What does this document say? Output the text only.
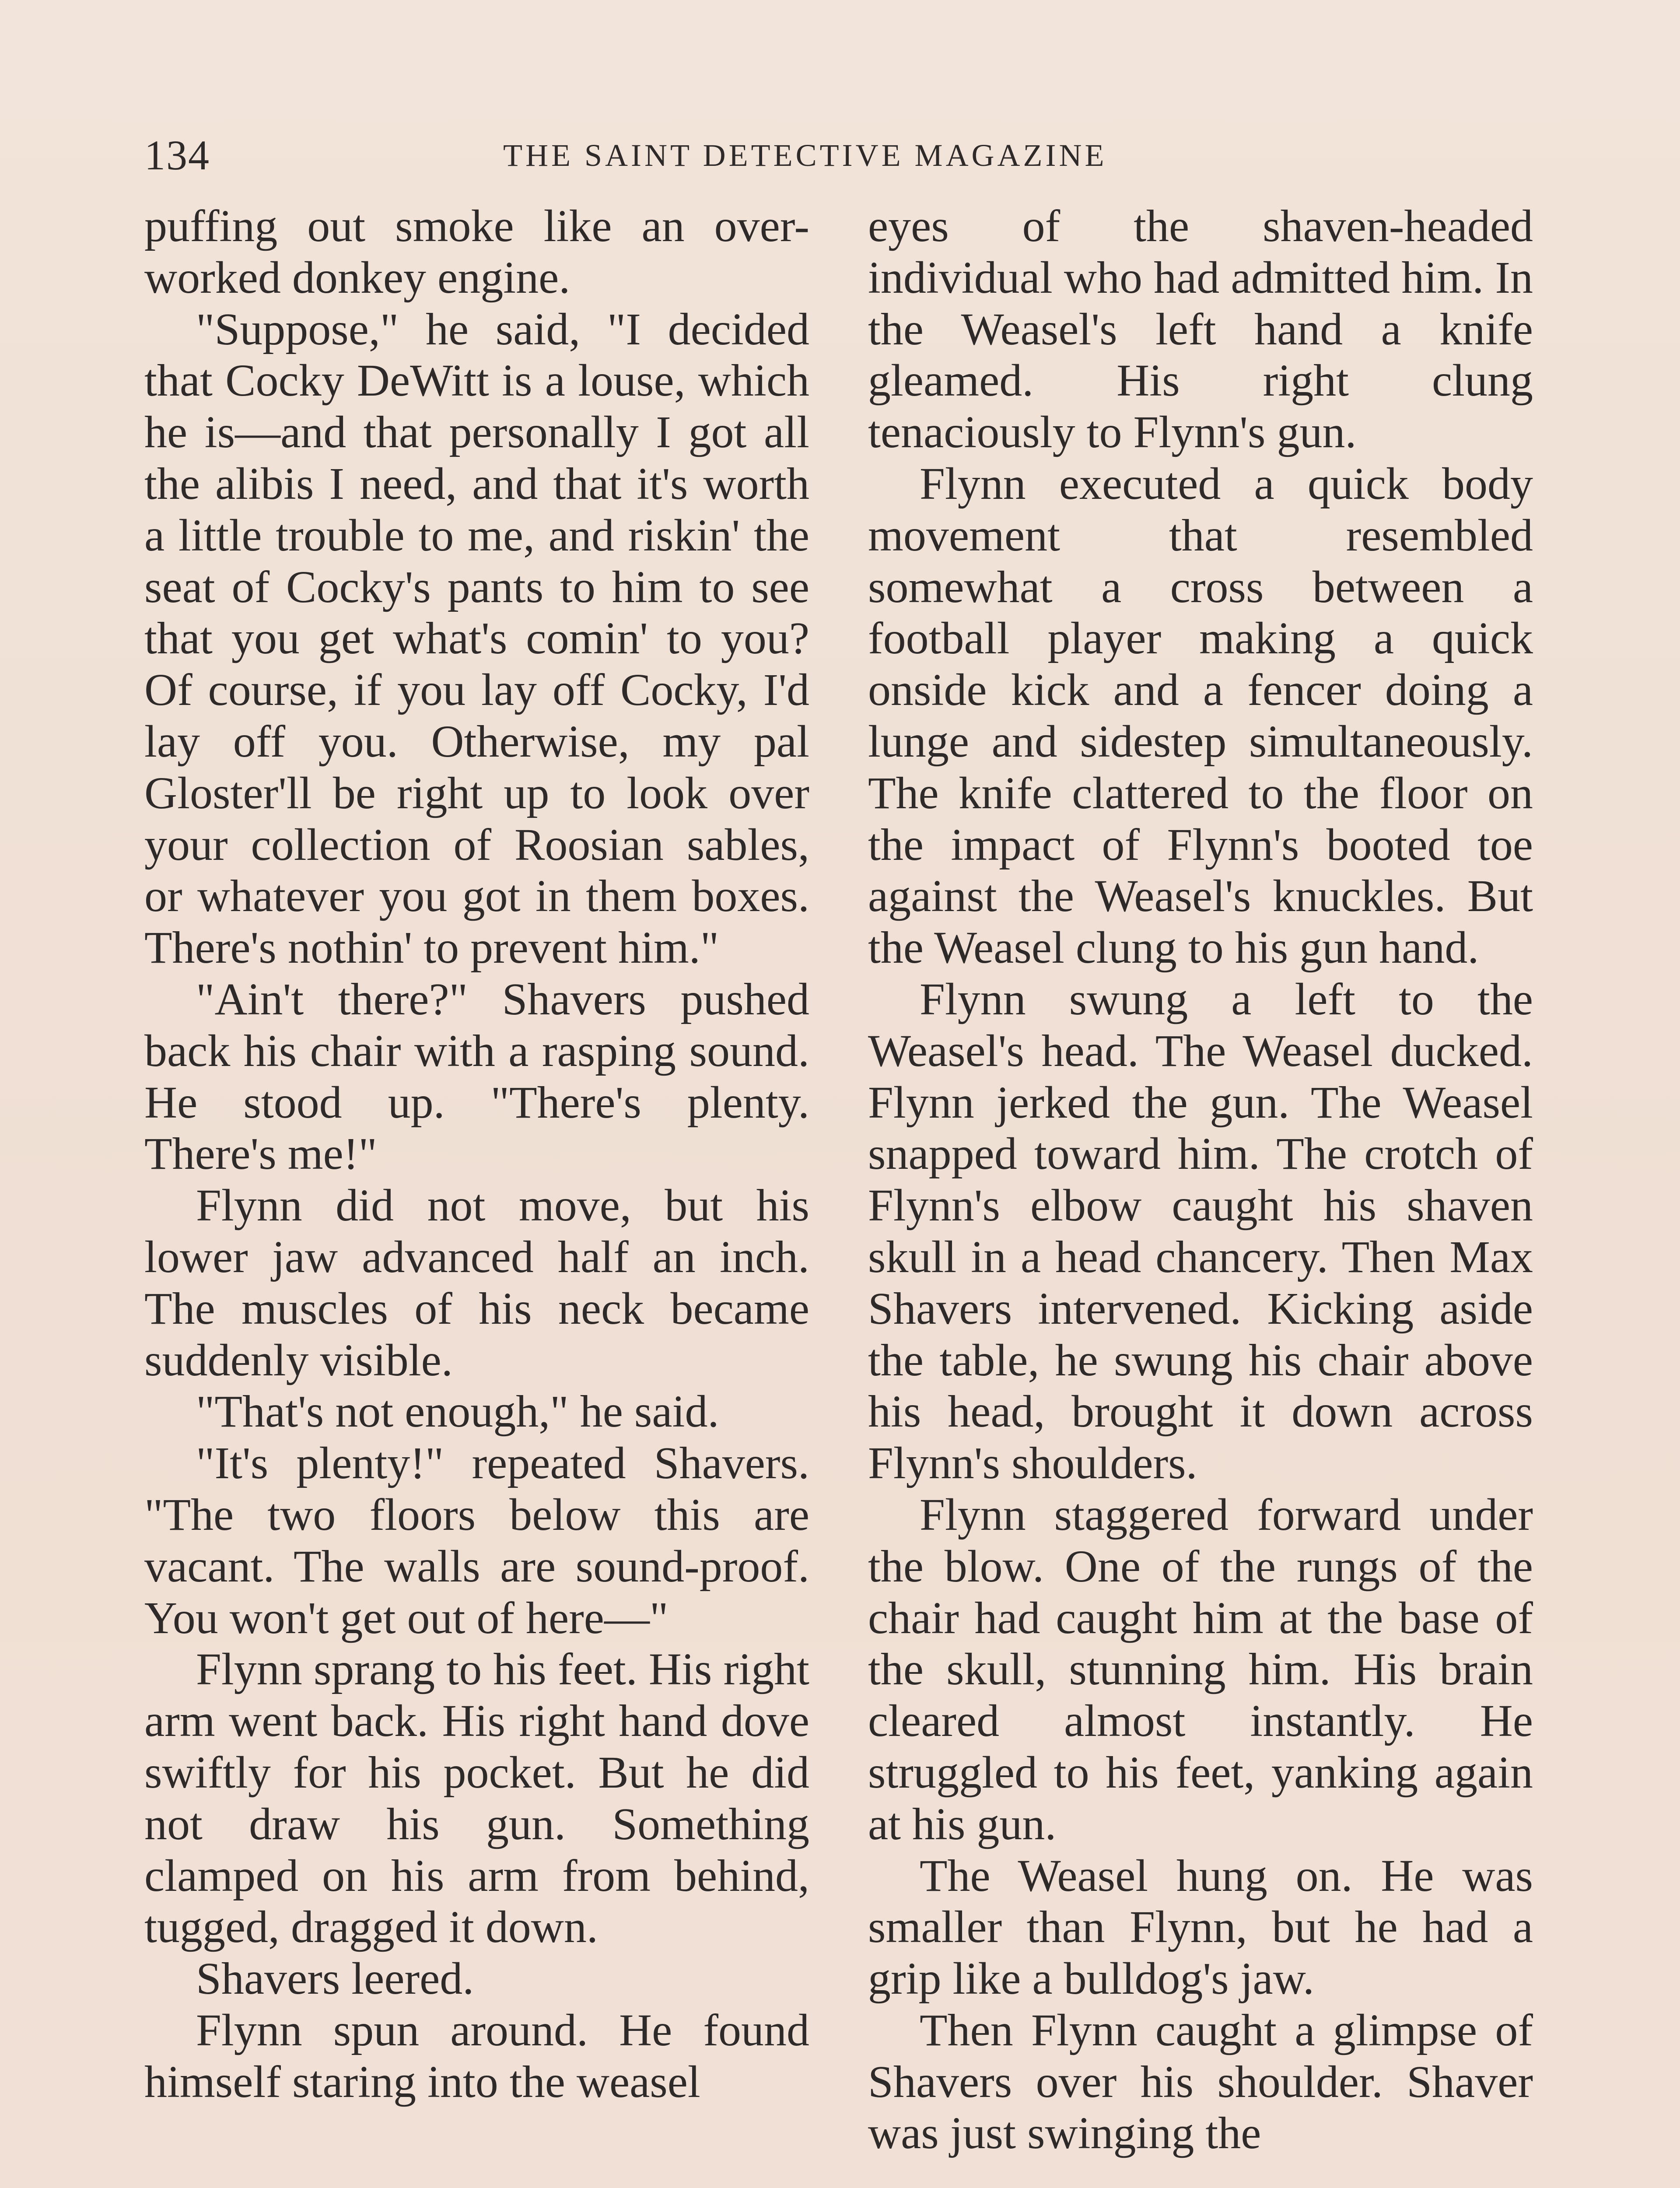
134	THE SAINT DETECTIVE MAGAZINE

puffing out smoke like an over-worked donkey engine.

"Suppose," he said, "I decided that Cocky DeWitt is a louse, which he is—and that personally I got all the alibis I need, and that it's worth a little trouble to me, and riskin' the seat of Cocky's pants to him to see that you get what's comin' to you? Of course, if you lay off Cocky, I'd lay off you. Otherwise, my pal Gloster'll be right up to look over your collection of Roosian sables, or whatever you got in them boxes. There's nothin' to prevent him."

"Ain't there?" Shavers pushed back his chair with a rasping sound. He stood up. "There's plenty. There's me!"

Flynn did not move, but his lower jaw advanced half an inch. The muscles of his neck became suddenly visible.

"That's not enough," he said.

"It's plenty!" repeated Shavers. "The two floors below this are vacant. The walls are sound-proof. You won't get out of here—"

Flynn sprang to his feet. His right arm went back. His right hand dove swiftly for his pocket. But he did not draw his gun. Something clamped on his arm from behind, tugged, dragged it down.

Shavers leered.

Flynn spun around. He found himself staring into the weasel

eyes of the shaven-headed individual who had admitted him. In the Weasel's left hand a knife gleamed. His right clung tenaciously to Flynn's gun.

Flynn executed a quick body movement that resembled somewhat a cross between a football player making a quick onside kick and a fencer doing a lunge and sidestep simultaneously. The knife clattered to the floor on the impact of Flynn's booted toe against the Weasel's knuckles. But the Weasel clung to his gun hand.

Flynn swung a left to the Weasel's head. The Weasel ducked. Flynn jerked the gun. The Weasel snapped toward him. The crotch of Flynn's elbow caught his shaven skull in a head chancery. Then Max Shavers intervened. Kicking aside the table, he swung his chair above his head, brought it down across Flynn's shoulders.

Flynn staggered forward under the blow. One of the rungs of the chair had caught him at the base of the skull, stunning him. His brain cleared almost instantly. He struggled to his feet, yanking again at his gun.

The Weasel hung on. He was smaller than Flynn, but he had a grip like a bulldog's jaw.

Then Flynn caught a glimpse of Shavers over his shoulder. Shaver was just swinging the
